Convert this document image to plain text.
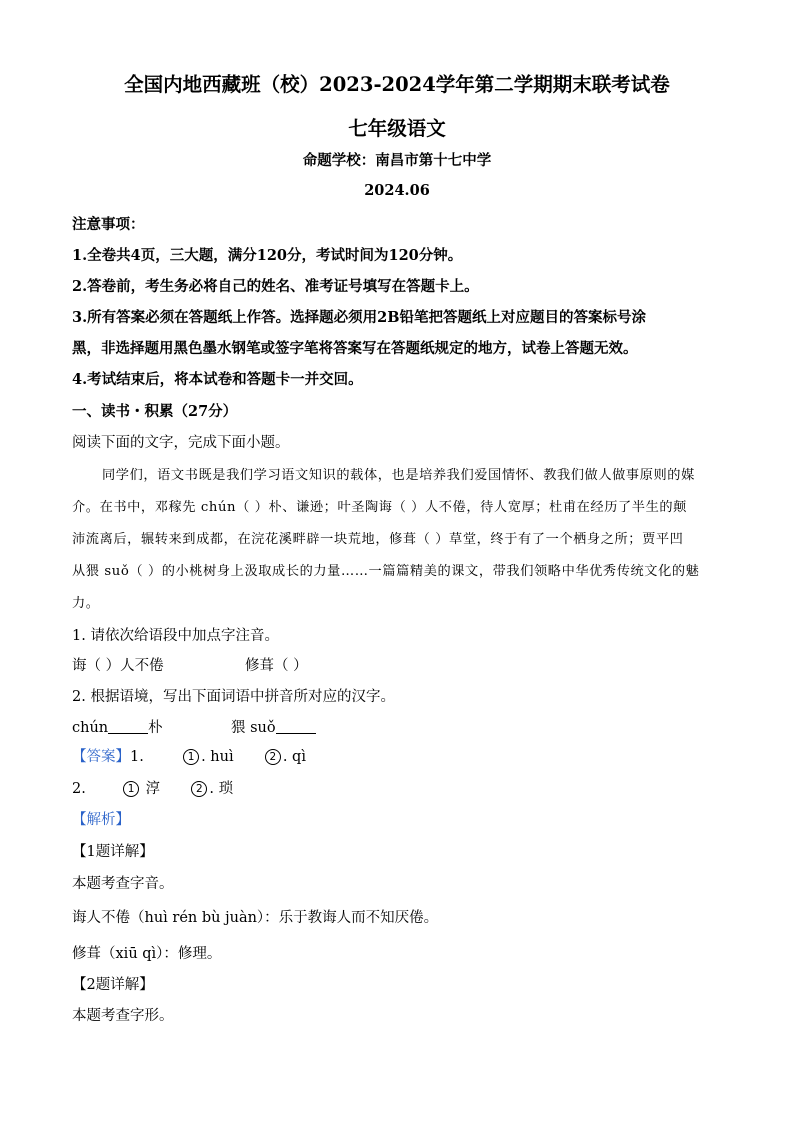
全国内地西藏班（校）2023-2024学年第二学期期末联考试卷
七年级语文
命题学校：南昌市第十七中学
2024.06
注意事项：
1.全卷共4页，三大题，满分120分，考试时间为120分钟。
2.答卷前，考生务必将自己的姓名、准考证号填写在答题卡上。
3.所有答案必须在答题纸上作答。选择题必须用2B铅笔把答题纸上对应题目的答案标号涂
黑，非选择题用黑色墨水钢笔或签字笔将答案写在答题纸规定的地方，试卷上答题无效。
4.考试结束后，将本试卷和答题卡一并交回。
一、读书・积累（27分）
阅读下面的文字，完成下面小题。
同学们，语文书既是我们学习语文知识的载体，也是培养我们爱国情怀、教我们做人做事原则的媒
介。在书中，邓稼先 chún（ ）朴、谦逊；叶圣陶诲（ ）人不倦，待人宽厚；杜甫在经历了半生的颠
沛流离后，辗转来到成都，在浣花溪畔辟一块荒地，修葺（ ）草堂，终于有了一个栖身之所；贾平凹
从猥 suǒ（ ）的小桃树身上汲取成长的力量……一篇篇精美的课文，带我们领略中华优秀传统文化的魅
力。
1. 请依次给语段中加点字注音。
诲（ ）人不倦	修葺（ ）
2. 根据语境，写出下面词语中拼音所对应的汉字。
chún	朴	猥 suǒ
【答案】1.	1 . huì	2 . qì
2.	1 淳	2 . 琐
【解析】
【1题详解】
本题考查字音。
诲人不倦（huì rén bù juàn）：乐于教诲人而不知厌倦。
修葺（xiū qì）：修理。
【2题详解】
本题考查字形。
